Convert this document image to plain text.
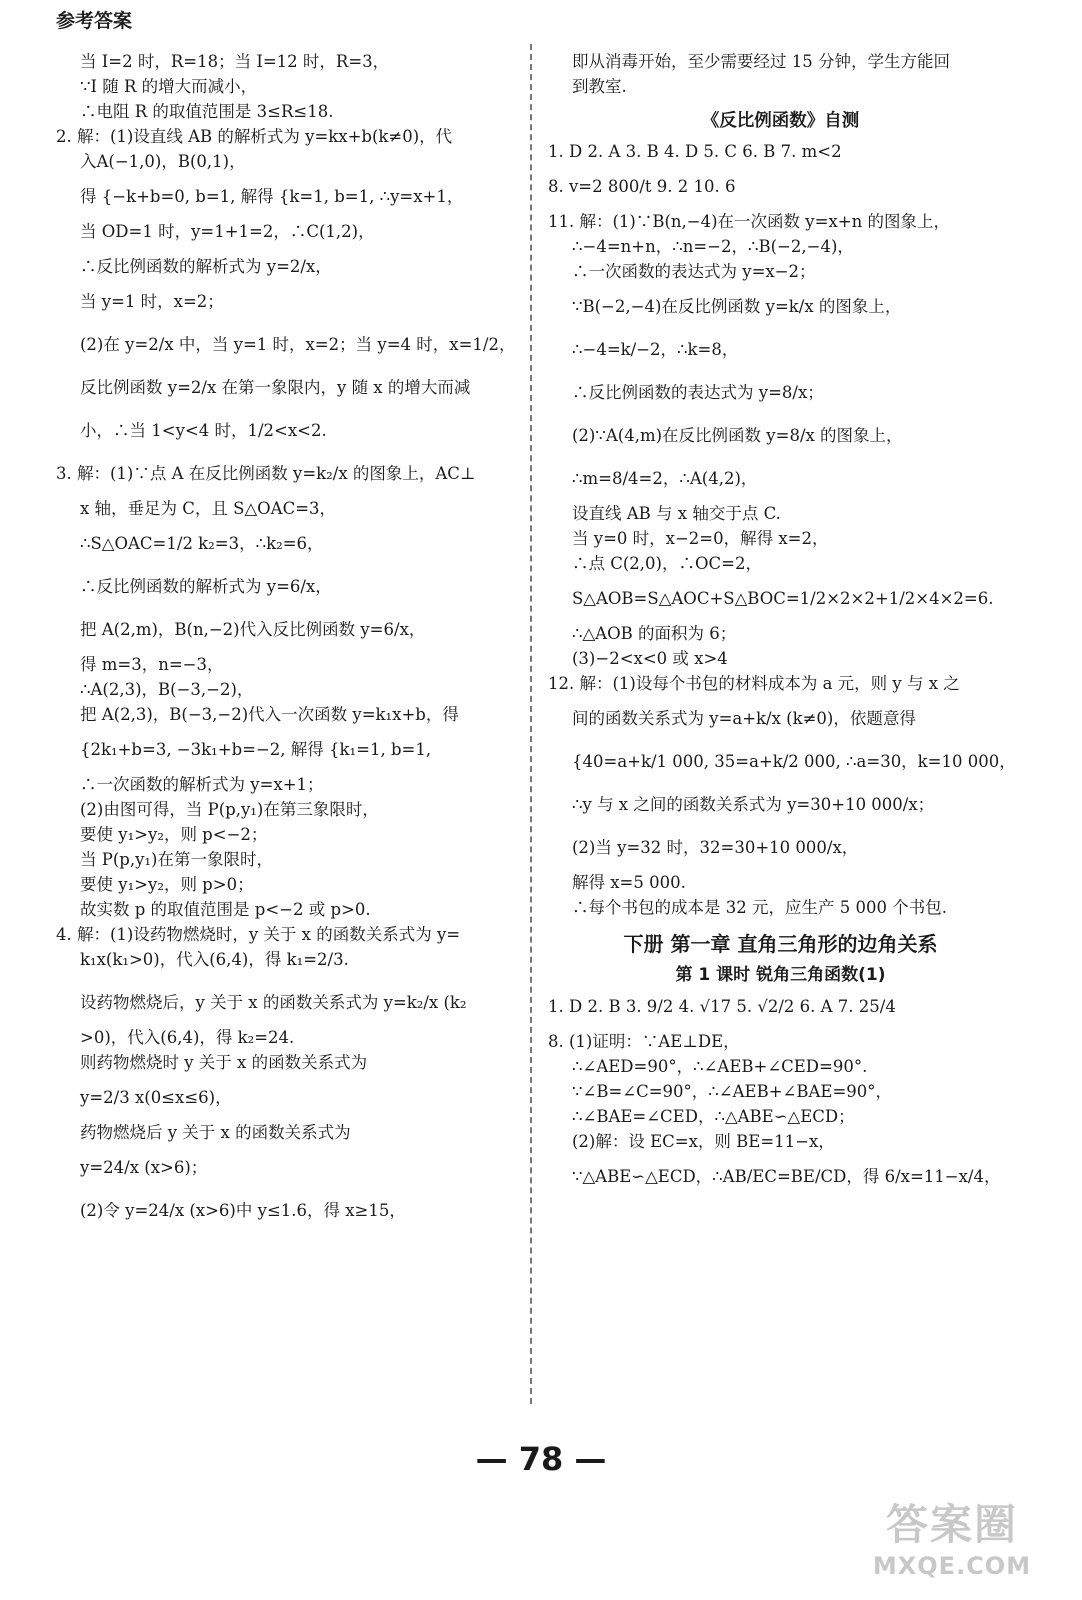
参考答案
当 I=2 时，R=18；当 I=12 时，R=3，
∵I 随 R 的增大而减小，
∴电阻 R 的取值范围是 3≤R≤18.
2. 解：(1)设直线 AB 的解析式为 y=kx+b(k≠0)，代
入A(−1,0)，B(0,1)，
得 {−k+b=0, b=1, 解得 {k=1, b=1, ∴y=x+1，
当 OD=1 时，y=1+1=2，∴C(1,2)，
∴反比例函数的解析式为 y=2/x，
当 y=1 时，x=2；
(2)在 y=2/x 中，当 y=1 时，x=2；当 y=4 时，x=1/2，
反比例函数 y=2/x 在第一象限内，y 随 x 的增大而减
小，∴当 1<y<4 时，1/2<x<2.
3. 解：(1)∵点 A 在反比例函数 y=k₂/x 的图象上，AC⊥
x 轴，垂足为 C，且 S△OAC=3，
∴S△OAC=1/2 k₂=3，∴k₂=6，
∴反比例函数的解析式为 y=6/x，
把 A(2,m)，B(n,−2)代入反比例函数 y=6/x，
得 m=3，n=−3，
∴A(2,3)，B(−3,−2)，
把 A(2,3)，B(−3,−2)代入一次函数 y=k₁x+b，得
{2k₁+b=3, −3k₁+b=−2, 解得 {k₁=1, b=1,
∴一次函数的解析式为 y=x+1；
(2)由图可得，当 P(p,y₁)在第三象限时，
要使 y₁>y₂，则 p<−2；
当 P(p,y₁)在第一象限时，
要使 y₁>y₂，则 p>0；
故实数 p 的取值范围是 p<−2 或 p>0.
4. 解：(1)设药物燃烧时，y 关于 x 的函数关系式为 y=
k₁x(k₁>0)，代入(6,4)，得 k₁=2/3.
设药物燃烧后，y 关于 x 的函数关系式为 y=k₂/x (k₂
>0)，代入(6,4)，得 k₂=24.
则药物燃烧时 y 关于 x 的函数关系式为
y=2/3 x(0≤x≤6)，
药物燃烧后 y 关于 x 的函数关系式为
y=24/x (x>6)；
(2)令 y=24/x (x>6)中 y≤1.6，得 x≥15，
即从消毒开始，至少需要经过 15 分钟，学生方能回
到教室.
《反比例函数》自测
1. D 2. A 3. B 4. D 5. C 6. B 7. m<2
8. v=2 800/t 9. 2 10. 6
11. 解：(1)∵B(n,−4)在一次函数 y=x+n 的图象上，
∴−4=n+n，∴n=−2，∴B(−2,−4)，
∴一次函数的表达式为 y=x−2；
∵B(−2,−4)在反比例函数 y=k/x 的图象上，
∴−4=k/−2，∴k=8，
∴反比例函数的表达式为 y=8/x；
(2)∵A(4,m)在反比例函数 y=8/x 的图象上，
∴m=8/4=2，∴A(4,2)，
设直线 AB 与 x 轴交于点 C.
当 y=0 时，x−2=0，解得 x=2，
∴点 C(2,0)，∴OC=2，
S△AOB=S△AOC+S△BOC=1/2×2×2+1/2×4×2=6.
∴△AOB 的面积为 6；
(3)−2<x<0 或 x>4
12. 解：(1)设每个书包的材料成本为 a 元，则 y 与 x 之
间的函数关系式为 y=a+k/x (k≠0)，依题意得
{40=a+k/1 000, 35=a+k/2 000, ∴a=30，k=10 000，
∴y 与 x 之间的函数关系式为 y=30+10 000/x；
(2)当 y=32 时，32=30+10 000/x，
解得 x=5 000.
∴每个书包的成本是 32 元，应生产 5 000 个书包.
下册 第一章 直角三角形的边角关系
第 1 课时 锐角三角函数(1)
1. D 2. B 3. 9/2 4. √17 5. √2/2 6. A 7. 25/4
8. (1)证明：∵AE⊥DE，
∴∠AED=90°，∴∠AEB+∠CED=90°.
∵∠B=∠C=90°，∴∠AEB+∠BAE=90°，
∴∠BAE=∠CED，∴△ABE∽△ECD；
(2)解：设 EC=x，则 BE=11−x，
∵△ABE∽△ECD，∴AB/EC=BE/CD，得 6/x=11−x/4，
— 78 —
答案圈
MXQE.COM
